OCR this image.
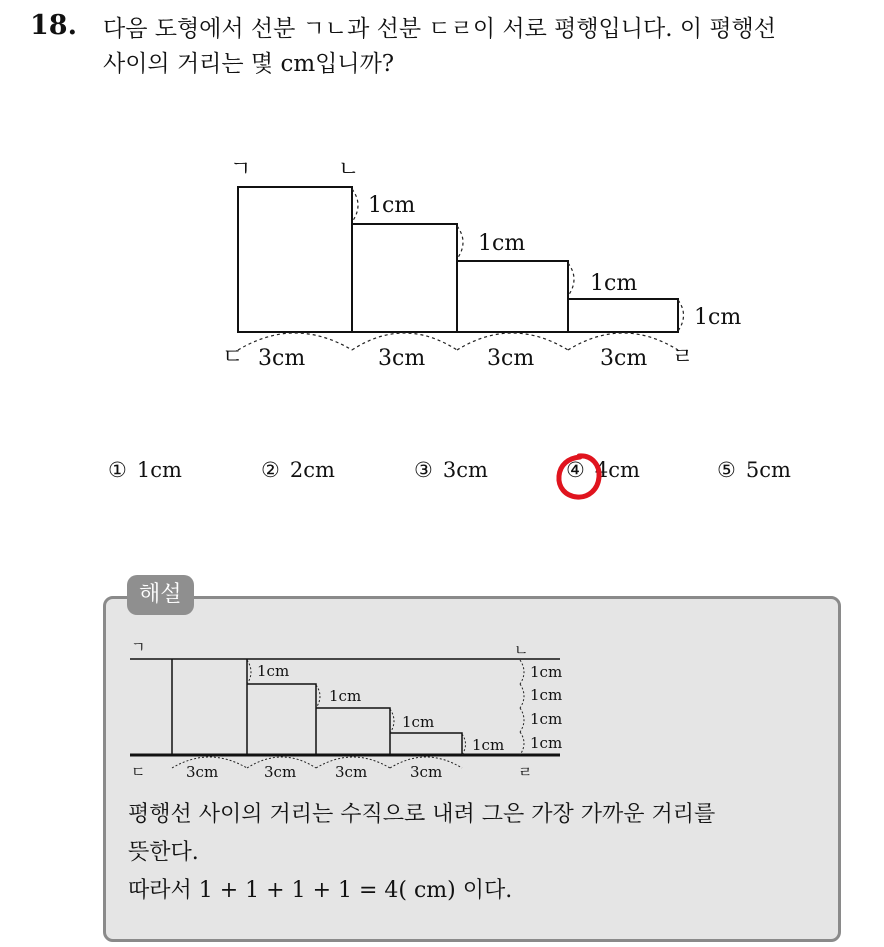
18. 다음 도형에서 선분 ㄱㄴ과 선분 ㄷㄹ이 서로 평행입니다. 이 평행선
사이의 거리는 몇 cm입니까?
ㄱ	ㄴ
ㄷ	ㄹ
1cm
1cm
1cm
1cm
3cm	3cm	3cm	3cm
① 1cm	② 2cm	③ 3cm	④ 4cm	⑤ 5cm
해설
ㄱ	ㄴ
ㄷ	ㄹ
1cm
1cm
1cm
1cm
1cm
1cm
1cm
1cm
3cm	3cm	3cm	3cm
평행선 사이의 거리는 수직으로 내려 그은 가장 가까운 거리를
뜻한다.
따라서 1 + 1 + 1 + 1 = 4( cm) 이다.
